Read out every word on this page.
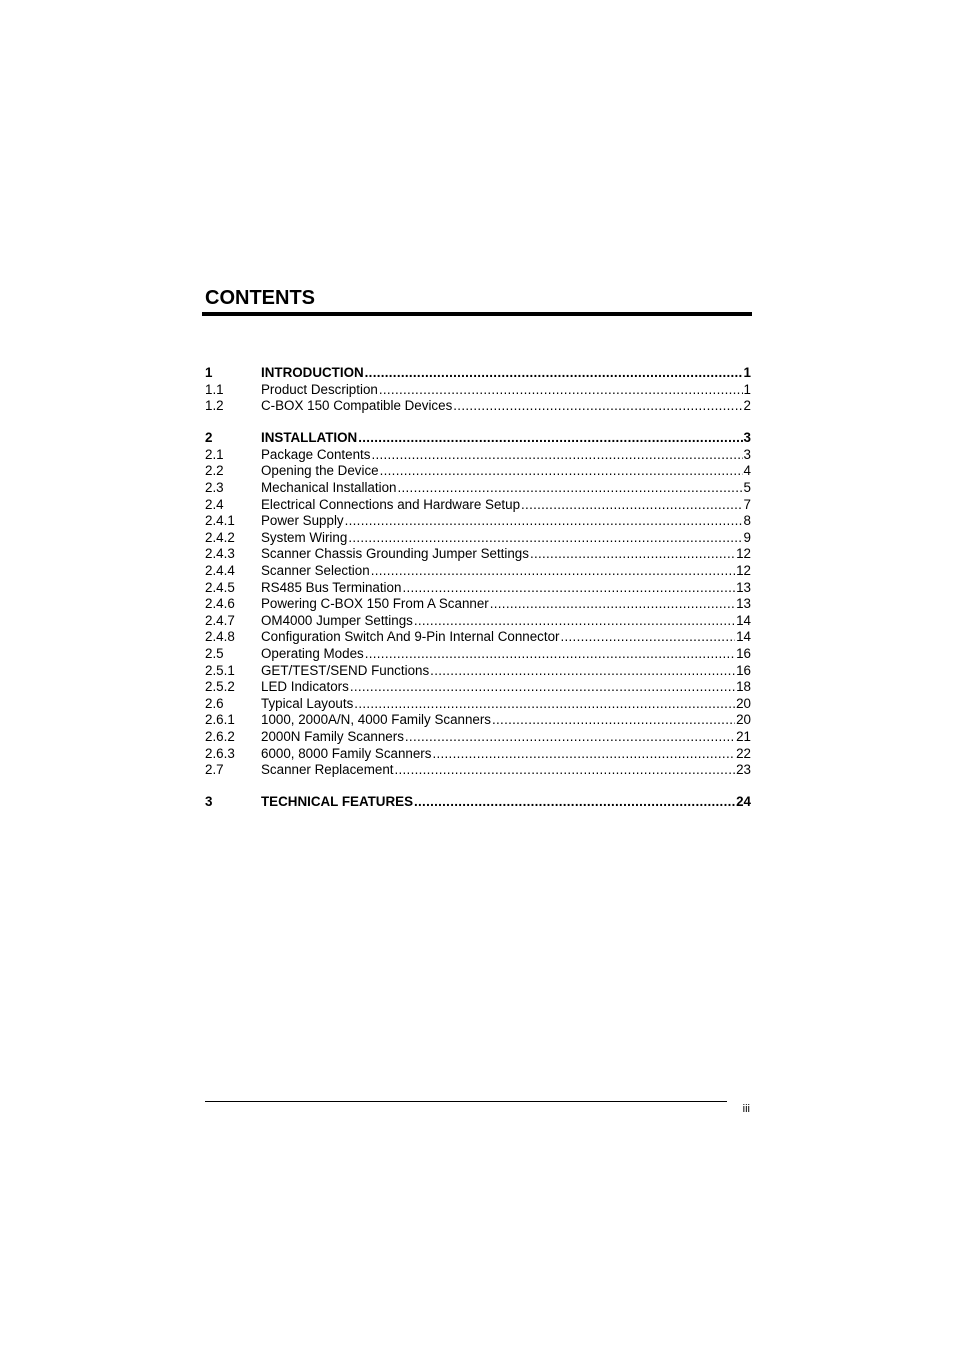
CONTENTS
1	INTRODUCTION .....	1
1.1	Product Description .....	1
1.2	C-BOX 150 Compatible Devices .....	2
2	INSTALLATION .....	3
2.1	Package Contents .....	3
2.2	Opening the Device .....	4
2.3	Mechanical Installation .....	5
2.4	Electrical Connections and Hardware Setup .....	7
2.4.1	Power Supply .....	8
2.4.2	System Wiring .....	9
2.4.3	Scanner Chassis Grounding Jumper Settings .....	12
2.4.4	Scanner Selection .....	12
2.4.5	RS485 Bus Termination .....	13
2.4.6	Powering C-BOX 150 From A Scanner .....	13
2.4.7	OM4000 Jumper Settings .....	14
2.4.8	Configuration Switch And 9-Pin Internal Connector .....	14
2.5	Operating Modes .....	16
2.5.1	GET/TEST/SEND Functions .....	16
2.5.2	LED Indicators .....	18
2.6	Typical Layouts .....	20
2.6.1	1000, 2000A/N, 4000 Family Scanners .....	20
2.6.2	2000N Family Scanners .....	21
2.6.3	6000, 8000 Family Scanners .....	22
2.7	Scanner Replacement .....	23
3	TECHNICAL FEATURES .....	24
iii
